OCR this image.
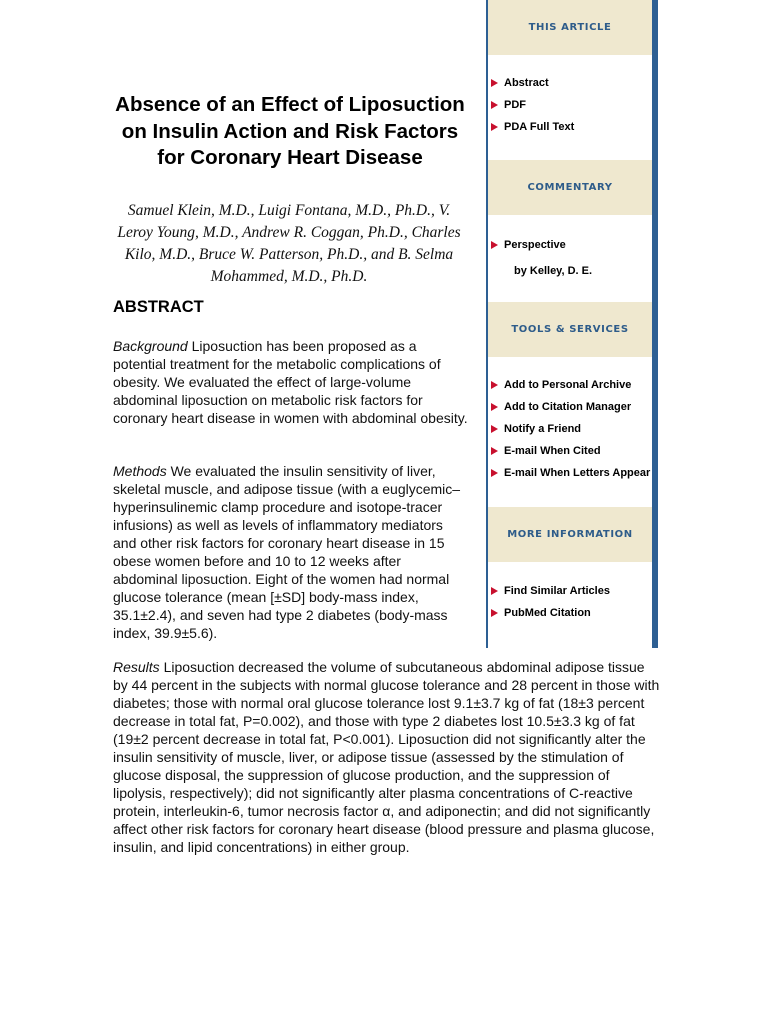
THIS ARTICLE
Abstract
PDF
PDA Full Text
COMMENTARY
Perspective
by Kelley, D. E.
TOOLS & SERVICES
Add to Personal Archive
Add to Citation Manager
Notify a Friend
E-mail When Cited
E-mail When Letters Appear
MORE INFORMATION
Find Similar Articles
PubMed Citation
Absence of an Effect of Liposuction on Insulin Action and Risk Factors for Coronary Heart Disease

Samuel Klein, M.D., Luigi Fontana, M.D., Ph.D., V. Leroy Young, M.D., Andrew R. Coggan, Ph.D., Charles Kilo, M.D., Bruce W. Patterson, Ph.D., and B. Selma Mohammed, M.D., Ph.D.

ABSTRACT

Background Liposuction has been proposed as a potential treatment for the metabolic complications of obesity. We evaluated the effect of large-volume abdominal liposuction on metabolic risk factors for coronary heart disease in women with abdominal obesity.

Methods We evaluated the insulin sensitivity of liver, skeletal muscle, and adipose tissue (with a euglycemic–hyperinsulinemic clamp procedure and isotope-tracer infusions) as well as levels of inflammatory mediators and other risk factors for coronary heart disease in 15 obese women before and 10 to 12 weeks after abdominal liposuction. Eight of the women had normal glucose tolerance (mean [±SD] body-mass index, 35.1±2.4), and seven had type 2 diabetes (body-mass index, 39.9±5.6).

Results Liposuction decreased the volume of subcutaneous abdominal adipose tissue by 44 percent in the subjects with normal glucose tolerance and 28 percent in those with diabetes; those with normal oral glucose tolerance lost 9.1±3.7 kg of fat (18±3 percent decrease in total fat, P=0.002), and those with type 2 diabetes lost 10.5±3.3 kg of fat (19±2 percent decrease in total fat, P<0.001). Liposuction did not significantly alter the insulin sensitivity of muscle, liver, or adipose tissue (assessed by the stimulation of glucose disposal, the suppression of glucose production, and the suppression of lipolysis, respectively); did not significantly alter plasma concentrations of C-reactive protein, interleukin-6, tumor necrosis factor α, and adiponectin; and did not significantly affect other risk factors for coronary heart disease (blood pressure and plasma glucose, insulin, and lipid concentrations) in either group.
